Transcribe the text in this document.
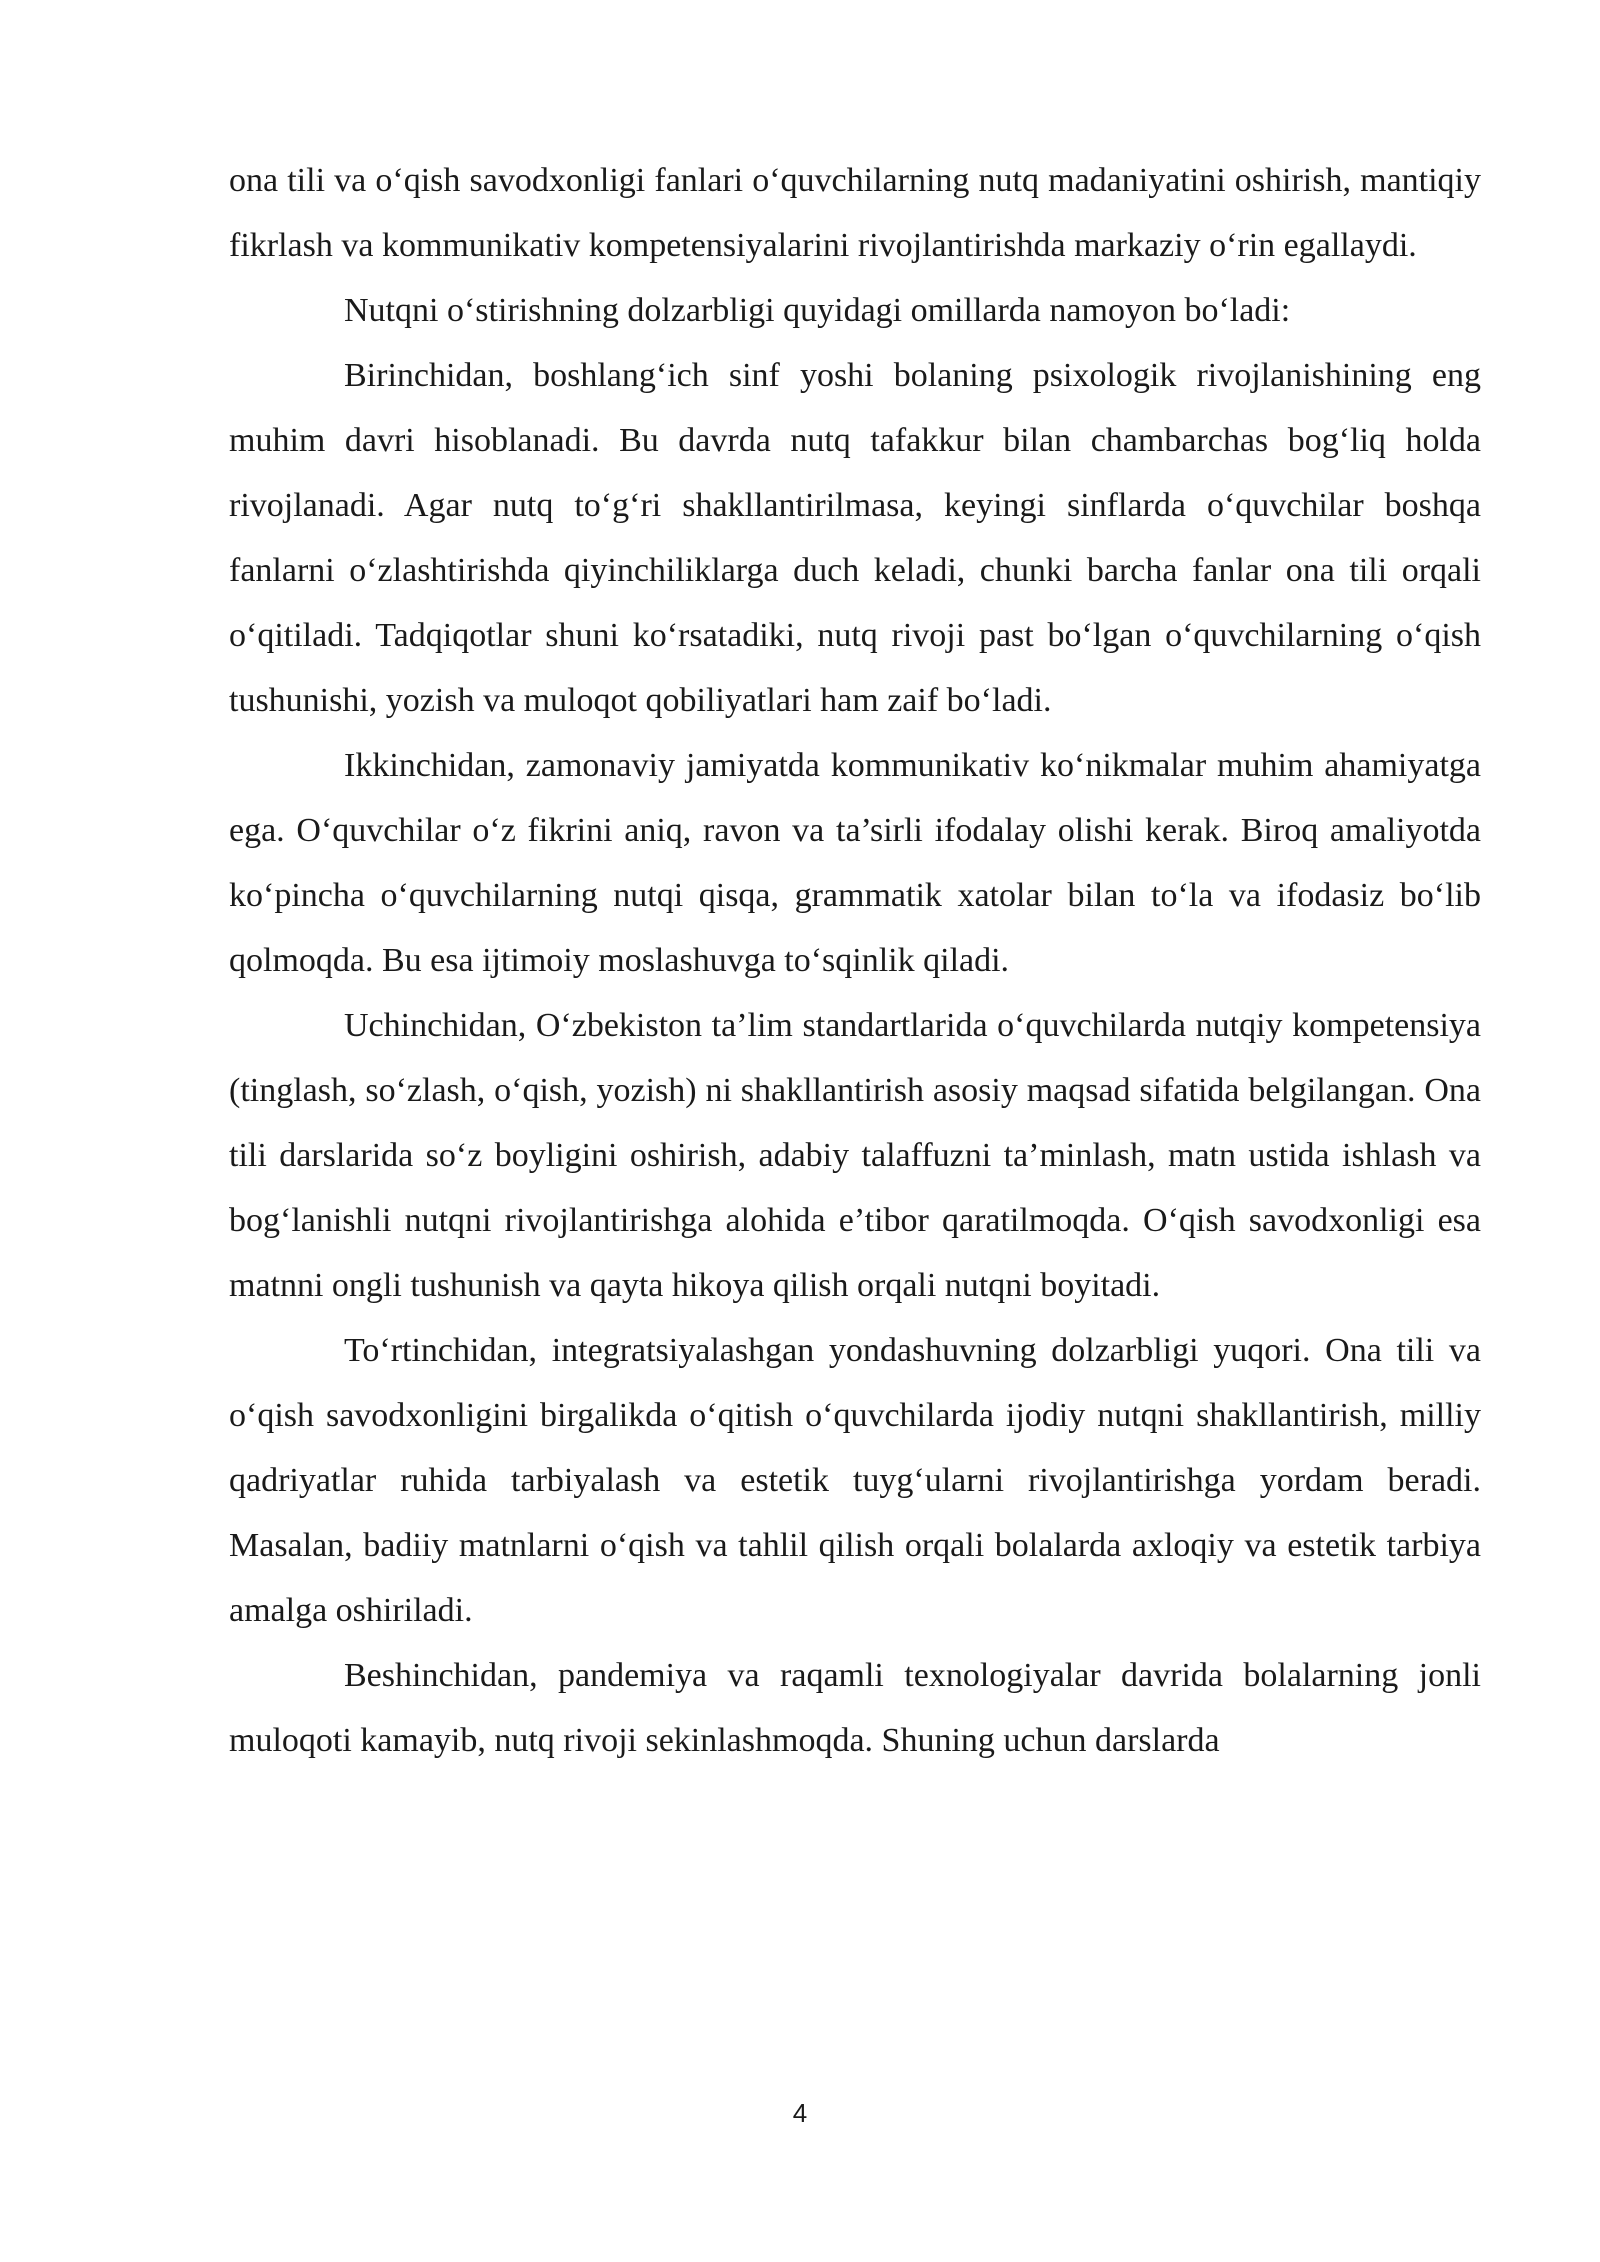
ona tili va o‘qish savodxonligi fanlari o‘quvchilarning nutq madaniyatini oshirish, mantiqiy fikrlash va kommunikativ kompetensiyalarini rivojlantirishda markaziy o‘rin egallaydi.

Nutqni o‘stirishning dolzarbligi quyidagi omillarda namoyon bo‘ladi:

Birinchidan, boshlang‘ich sinf yoshi bolaning psixologik rivojlanishining eng muhim davri hisoblanadi. Bu davrda nutq tafakkur bilan chambarchas bog‘liq holda rivojlanadi. Agar nutq to‘g‘ri shakllantirilmasa, keyingi sinflarda o‘quvchilar boshqa fanlarni o‘zlashtirishda qiyinchiliklarga duch keladi, chunki barcha fanlar ona tili orqali o‘qitiladi. Tadqiqotlar shuni ko‘rsatadiki, nutq rivoji past bo‘lgan o‘quvchilarning o‘qish tushunishi, yozish va muloqot qobiliyatlari ham zaif bo‘ladi.

Ikkinchidan, zamonaviy jamiyatda kommunikativ ko‘nikmalar muhim ahamiyatga ega. O‘quvchilar o‘z fikrini aniq, ravon va ta’sirli ifodalay olishi kerak. Biroq amaliyotda ko‘pincha o‘quvchilarning nutqi qisqa, grammatik xatolar bilan to‘la va ifodasiz bo‘lib qolmoqda. Bu esa ijtimoiy moslashuvga to‘sqinlik qiladi.

Uchinchidan, O‘zbekiston ta’lim standartlarida o‘quvchilarda nutqiy kompetensiya (tinglash, so‘zlash, o‘qish, yozish) ni shakllantirish asosiy maqsad sifatida belgilangan. Ona tili darslarida so‘z boyligini oshirish, adabiy talaffuzni ta’minlash, matn ustida ishlash va bog‘lanishli nutqni rivojlantirishga alohida e’tibor qaratilmoqda. O‘qish savodxonligi esa matnni ongli tushunish va qayta hikoya qilish orqali nutqni boyitadi.

To‘rtinchidan, integratsiyalashgan yondashuvning dolzarbligi yuqori. Ona tili va o‘qish savodxonligini birgalikda o‘qitish o‘quvchilarda ijodiy nutqni shakllantirish, milliy qadriyatlar ruhida tarbiyalash va estetik tuyg‘ularni rivojlantirishga yordam beradi. Masalan, badiiy matnlarni o‘qish va tahlil qilish orqali bolalarda axloqiy va estetik tarbiya amalga oshiriladi.

Beshinchidan, pandemiya va raqamli texnologiyalar davrida bolalarning jonli muloqoti kamayib, nutq rivoji sekinlashmoqda. Shuning uchun darslarda

4
